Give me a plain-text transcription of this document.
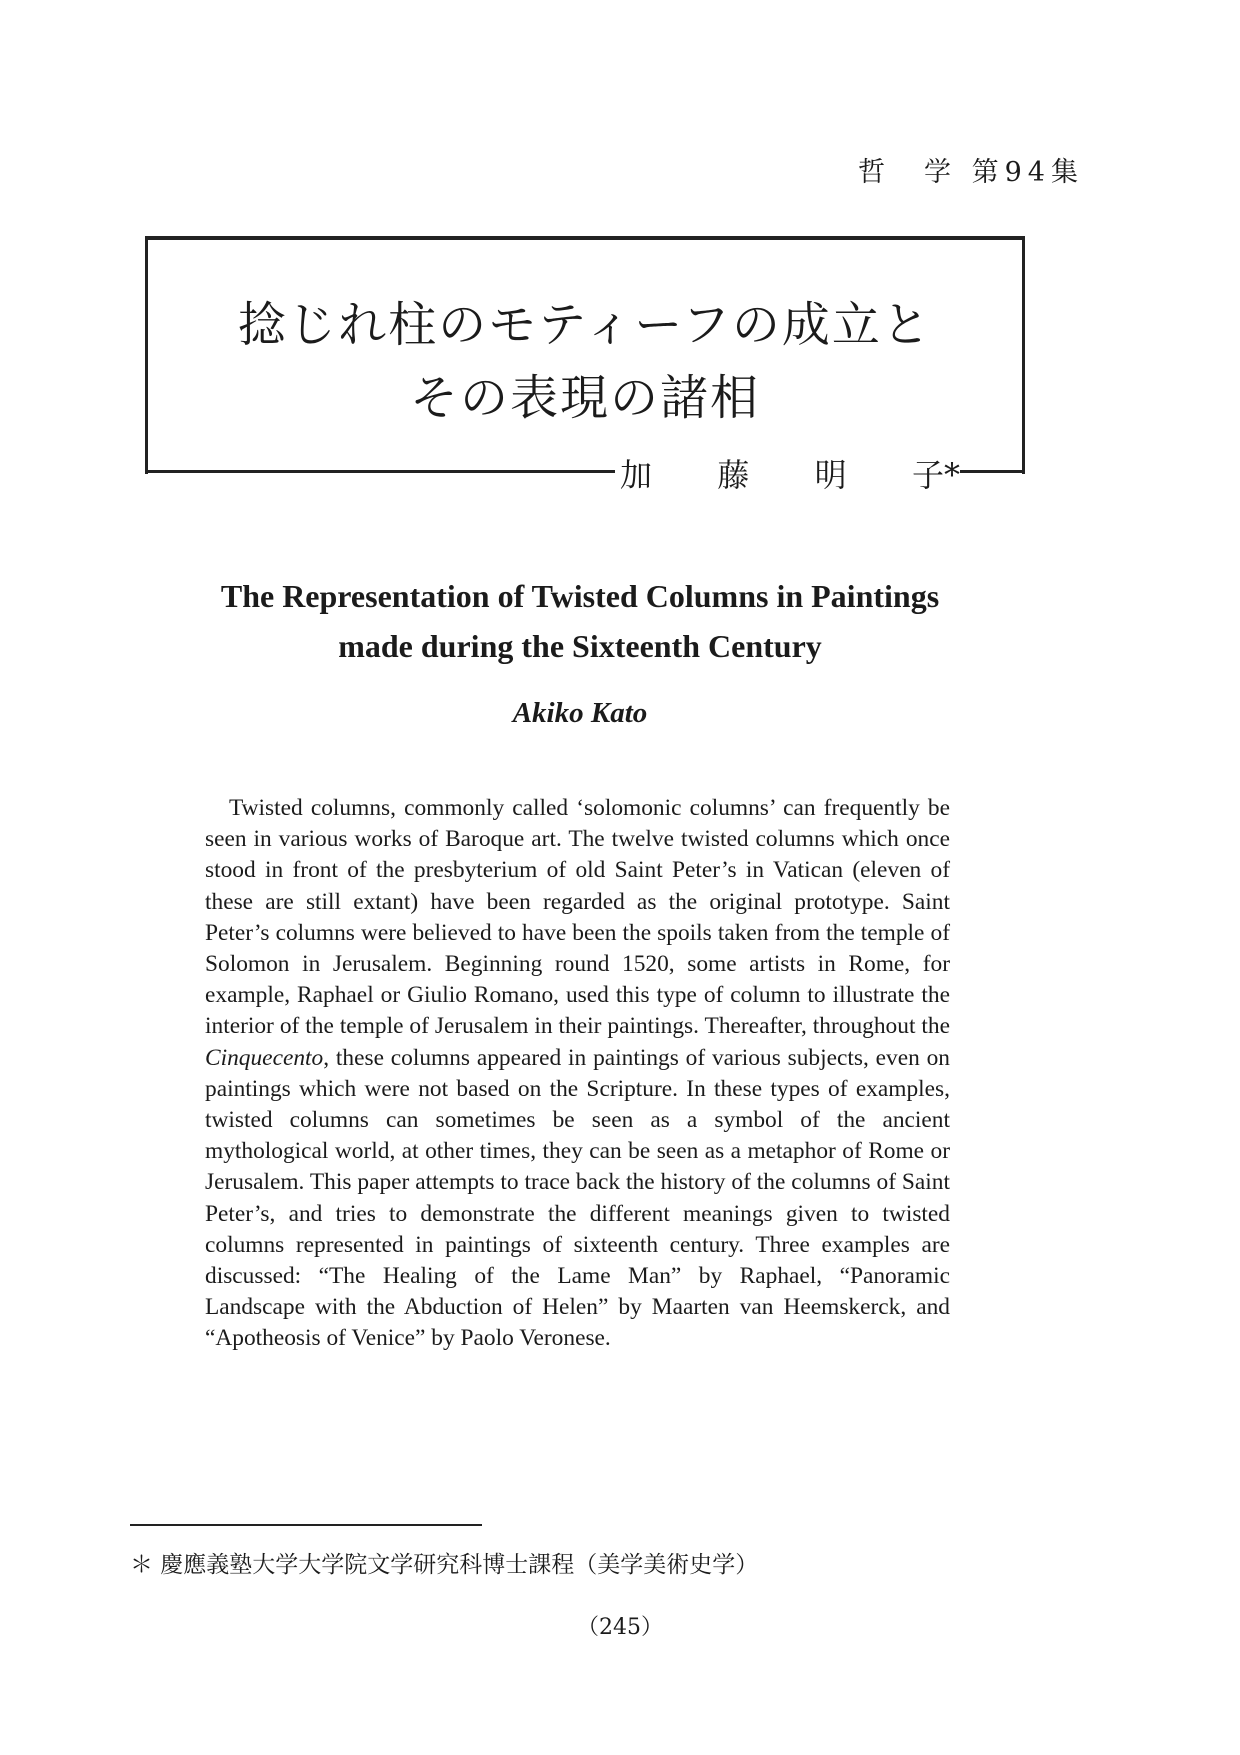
哲　学 第94集
捻じれ柱のモティーフの成立と
その表現の諸相
加 藤 明 子*
The Representation of Twisted Columns in Paintings
made during the Sixteenth Century
Akiko Kato

Twisted columns, commonly called ‘solomonic columns’ can frequently be seen in various works of Baroque art. The twelve twisted columns which once stood in front of the presbyterium of old Saint Peter’s in Vatican (eleven of these are still extant) have been regarded as the original prototype. Saint Peter’s columns were believed to have been the spoils taken from the temple of Solomon in Jerusalem. Beginning round 1520, some artists in Rome, for example, Raphael or Giulio Romano, used this type of column to illustrate the interior of the temple of Jerusalem in their paintings. Thereafter, throughout the Cinquecento, these columns appeared in paintings of various subjects, even on paintings which were not based on the Scripture. In these types of examples, twisted columns can sometimes be seen as a symbol of the ancient mythological world, at other times, they can be seen as a metaphor of Rome or Jerusalem. This paper attempts to trace back the history of the columns of Saint Peter’s, and tries to demonstrate the different meanings given to twisted columns represented in paintings of sixteenth century. Three examples are discussed: “The Healing of the Lame Man” by Raphael, “Panoramic Landscape with the Abduction of Helen” by Maarten van Heemskerck, and “Apotheosis of Venice” by Paolo Veronese.

＊ 慶應義塾大学大学院文学研究科博士課程（美学美術史学）
（245）
